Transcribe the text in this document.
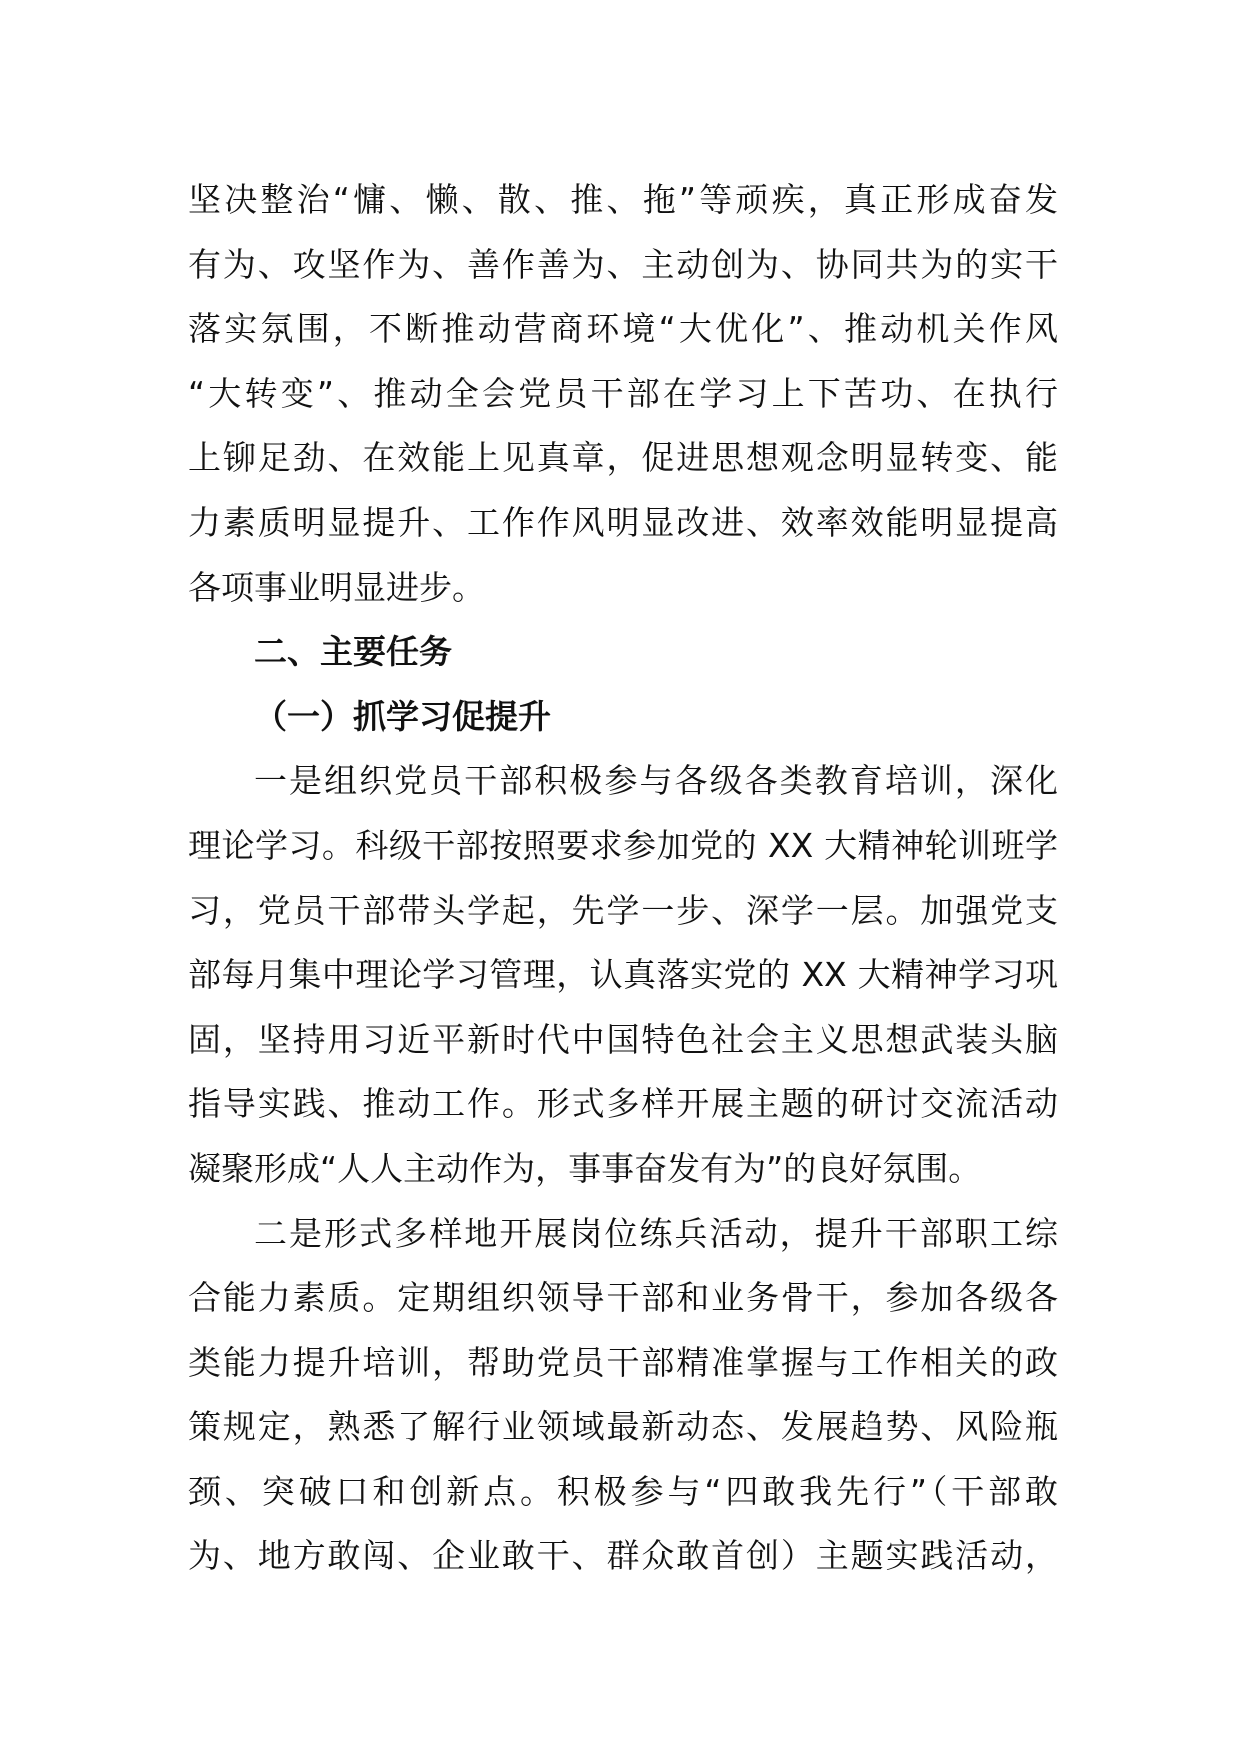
坚决整治“慵、懒、散、推、拖”等顽疾，真正形成奋发
有为、攻坚作为、善作善为、主动创为、协同共为的实干
落实氛围，不断推动营商环境“大优化”、推动机关作风
“大转变”、推动全会党员干部在学习上下苦功、在执行
上铆足劲、在效能上见真章，促进思想观念明显转变、能
力素质明显提升、工作作风明显改进、效率效能明显提高
各项事业明显进步。
二、主要任务
（一）抓学习促提升
一是组织党员干部积极参与各级各类教育培训，深化
理论学习。科级干部按照要求参加党的 XX 大精神轮训班学
习，党员干部带头学起，先学一步、深学一层。加强党支
部每月集中理论学习管理，认真落实党的 XX 大精神学习巩
固，坚持用习近平新时代中国特色社会主义思想武装头脑
指导实践、推动工作。形式多样开展主题的研讨交流活动
凝聚形成“人人主动作为，事事奋发有为”的良好氛围。
二是形式多样地开展岗位练兵活动，提升干部职工综
合能力素质。定期组织领导干部和业务骨干，参加各级各
类能力提升培训，帮助党员干部精准掌握与工作相关的政
策规定，熟悉了解行业领域最新动态、发展趋势、风险瓶
颈、突破口和创新点。积极参与“四敢我先行”（干部敢
为、地方敢闯、企业敢干、群众敢首创）主题实践活动，
